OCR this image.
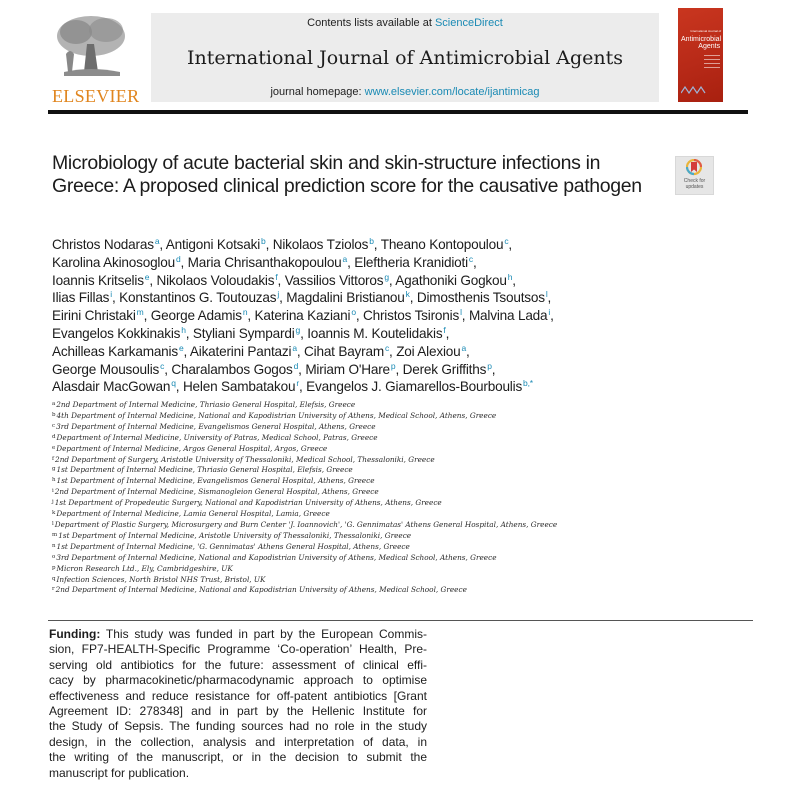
ELSEVIER
Contents lists available at ScienceDirect
International Journal of Antimicrobial Agents
journal homepage: www.elsevier.com/locate/ijantimicag
International Journal of
Antimicrobial
Agents
Microbiology of acute bacterial skin and skin-structure infections in Greece: A proposed clinical prediction score for the causative pathogen	Check for
updates
Christos Nodaras$^a$, Antigoni Kotsaki$^b$, Nikolaos Tziolos$^b$, Theano Kontopoulou$^c$,
Karolina Akinosoglou$^d$, Maria Chrisanthakopoulou$^a$, Eleftheria Kranidioti$^c$,
Ioannis Kritselis$^e$, Nikolaos Voloudakis$^f$, Vassilios Vittoros$^g$, Agathoniki Gogkou$^h$,
Ilias Fillas$^i$, Konstantinos G. Toutouzas$^j$, Magdalini Bristianou$^k$, Dimosthenis Tsoutsos$^l$,
Eirini Christaki$^m$, George Adamis$^n$, Katerina Kaziani$^o$, Christos Tsironis$^l$, Malvina Lada$^i$,
Evangelos Kokkinakis$^h$, Styliani Sympardi$^g$, Ioannis M. Koutelidakis$^f$,
Achilleas Karkamanis$^e$, Aikaterini Pantazi$^a$, Cihat Bayram$^c$, Zoi Alexiou$^a$,
George Mousoulis$^c$, Charalambos Gogos$^d$, Miriam O'Hare$^p$, Derek Griffiths$^p$,
Alasdair MacGowan$^q$, Helen Sambatakou$^r$, Evangelos J. Giamarellos-Bourboulis$^{b,*}$
$^a$2nd Department of Internal Medicine, Thriasio General Hospital, Elefsis, Greece
$^b$4th Department of Internal Medicine, National and Kapodistrian University of Athens, Medical School, Athens, Greece
$^c$3rd Department of Internal Medicine, Evangelismos General Hospital, Athens, Greece
$^d$Department of Internal Medicine, University of Patras, Medical School, Patras, Greece
$^e$Department of Internal Medicine, Argos General Hospital, Argos, Greece
$^f$2nd Department of Surgery, Aristotle University of Thessaloniki, Medical School, Thessaloniki, Greece
$^g$1st Department of Internal Medicine, Thriasio General Hospital, Elefsis, Greece
$^h$1st Department of Internal Medicine, Evangelismos General Hospital, Athens, Greece
$^i$2nd Department of Internal Medicine, Sismanogleion General Hospital, Athens, Greece
$^j$1st Department of Propedeutic Surgery, National and Kapodistrian University of Athens, Athens, Greece
$^k$Department of Internal Medicine, Lamia General Hospital, Lamia, Greece
$^l$Department of Plastic Surgery, Microsurgery and Burn Center 'J. Ioannovich', 'G. Gennimatas' Athens General Hospital, Athens, Greece
$^m$1st Department of Internal Medicine, Aristotle University of Thessaloniki, Thessaloniki, Greece
$^n$1st Department of Internal Medicine, 'G. Gennimatas' Athens General Hospital, Athens, Greece
$^o$3rd Department of Internal Medicine, National and Kapodistrian University of Athens, Medical School, Athens, Greece
$^p$Micron Research Ltd., Ely, Cambridgeshire, UK
$^q$Infection Sciences, North Bristol NHS Trust, Bristol, UK
$^r$2nd Department of Internal Medicine, National and Kapodistrian University of Athens, Medical School, Greece
Funding: This study was funded in part by the European Commis-
sion, FP7-HEALTH-Specific Programme ‘Co-operation’ Health, Pre-
serving old antibiotics for the future: assessment of clinical effi-
cacy by pharmacokinetic/pharmacodynamic approach to optimise
effectiveness and reduce resistance for off-patent antibiotics [Grant
Agreement ID: 278348] and in part by the Hellenic Institute for
the Study of Sepsis. The funding sources had no role in the study
design, in the collection, analysis and interpretation of data, in
the writing of the manuscript, or in the decision to submit the
manuscript for publication.
